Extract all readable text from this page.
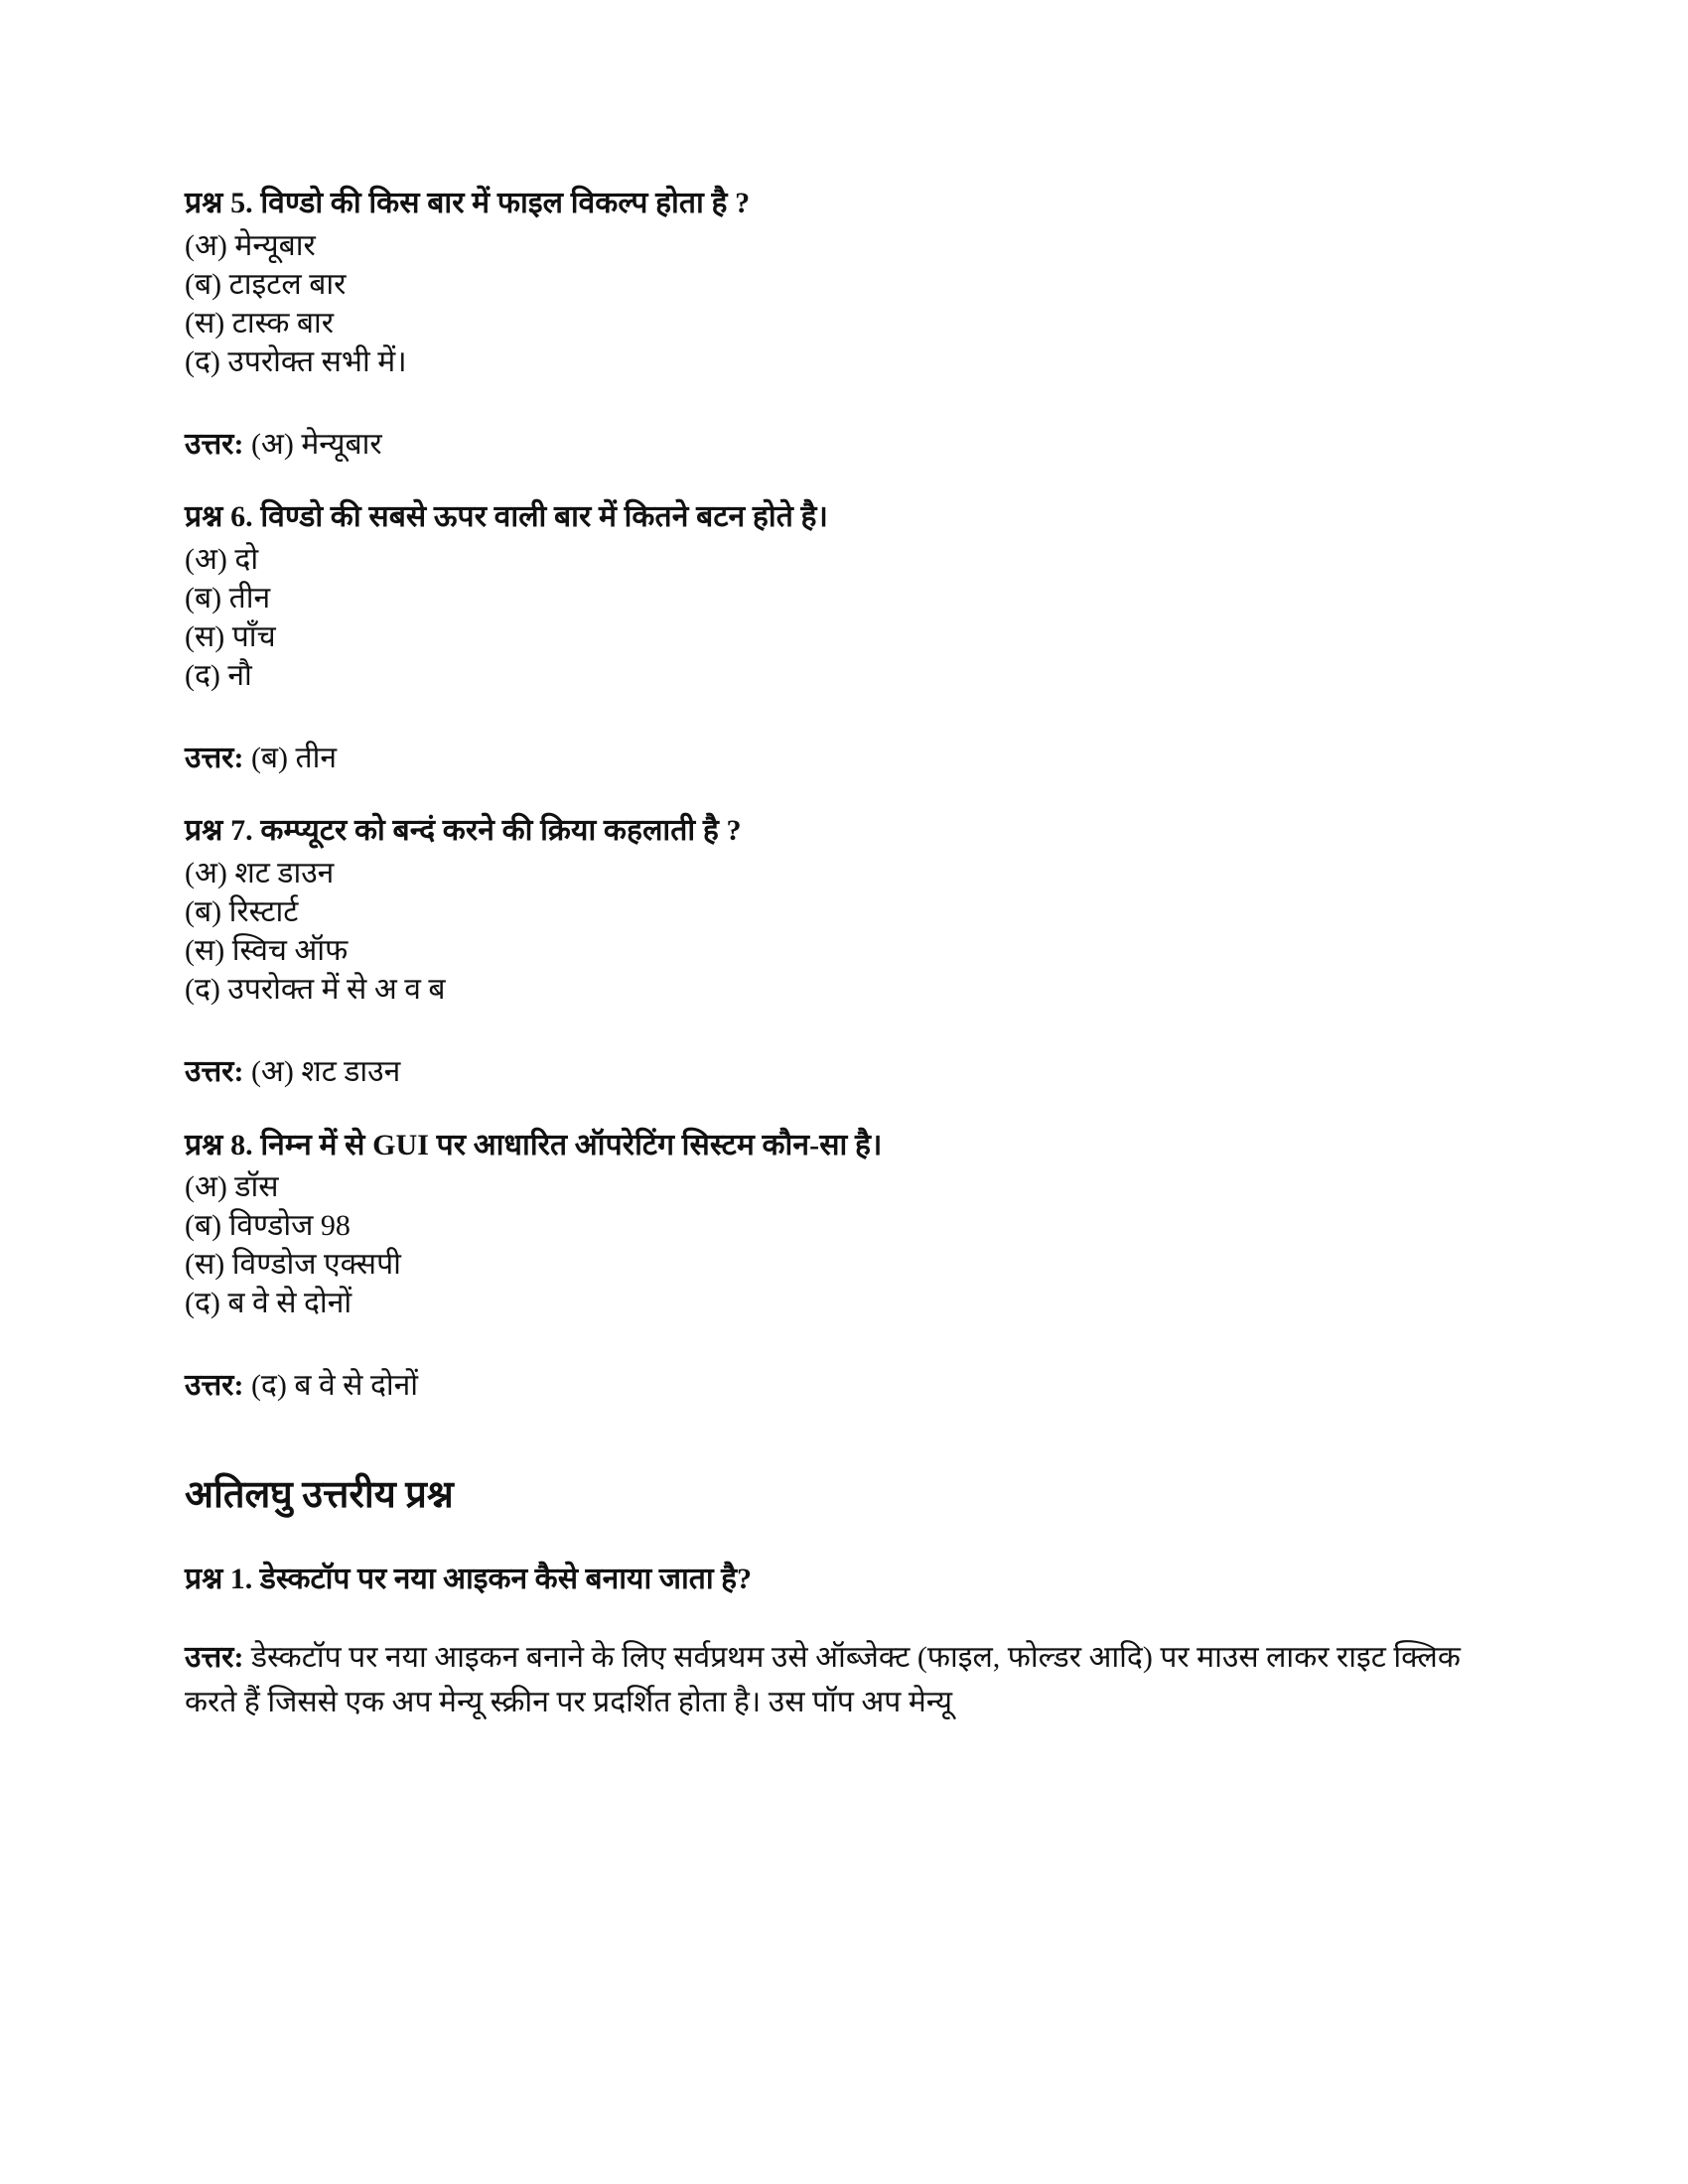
प्रश्न 5. विण्डो की किस बार में फाइल विकल्प होता है ?

(अ) मेन्यूबार

(ब) टाइटल बार

(स) टास्क बार

(द) उपरोक्त सभी में।

उत्तर: (अ) मेन्यूबार

प्रश्न 6. विण्डो की सबसे ऊपर वाली बार में कितने बटन होते है।

(अ) दो

(ब) तीन

(स) पाँच

(द) नौ

उत्तर: (ब) तीन

प्रश्न 7. कम्प्यूटर को बन्दं करने की क्रिया कहलाती है ?

(अ) शट डाउन

(ब) रिस्टार्ट

(स) स्विच ऑफ

(द) उपरोक्त में से अ व ब

उत्तर: (अ) शट डाउन

प्रश्न 8. निम्न में से GUI पर आधारित ऑपरेटिंग सिस्टम कौन-सा है।

(अ) डॉस

(ब) विण्डोज 98

(स) विण्डोज एक्सपी

(द) ब वे से दोनों

उत्तर: (द) ब वे से दोनों

अतिलघु उत्तरीय प्रश्न

प्रश्न 1. डेस्कटॉप पर नया आइकन कैसे बनाया जाता है?

उत्तर: डेस्कटॉप पर नया आइकन बनाने के लिए सर्वप्रथम उसे ऑब्जेक्ट (फाइल, फोल्डर आदि) पर माउस लाकर राइट क्लिक करते हैं जिससे एक अप मेन्यू स्क्रीन पर प्रदर्शित होता है। उस पॉप अप मेन्यू
